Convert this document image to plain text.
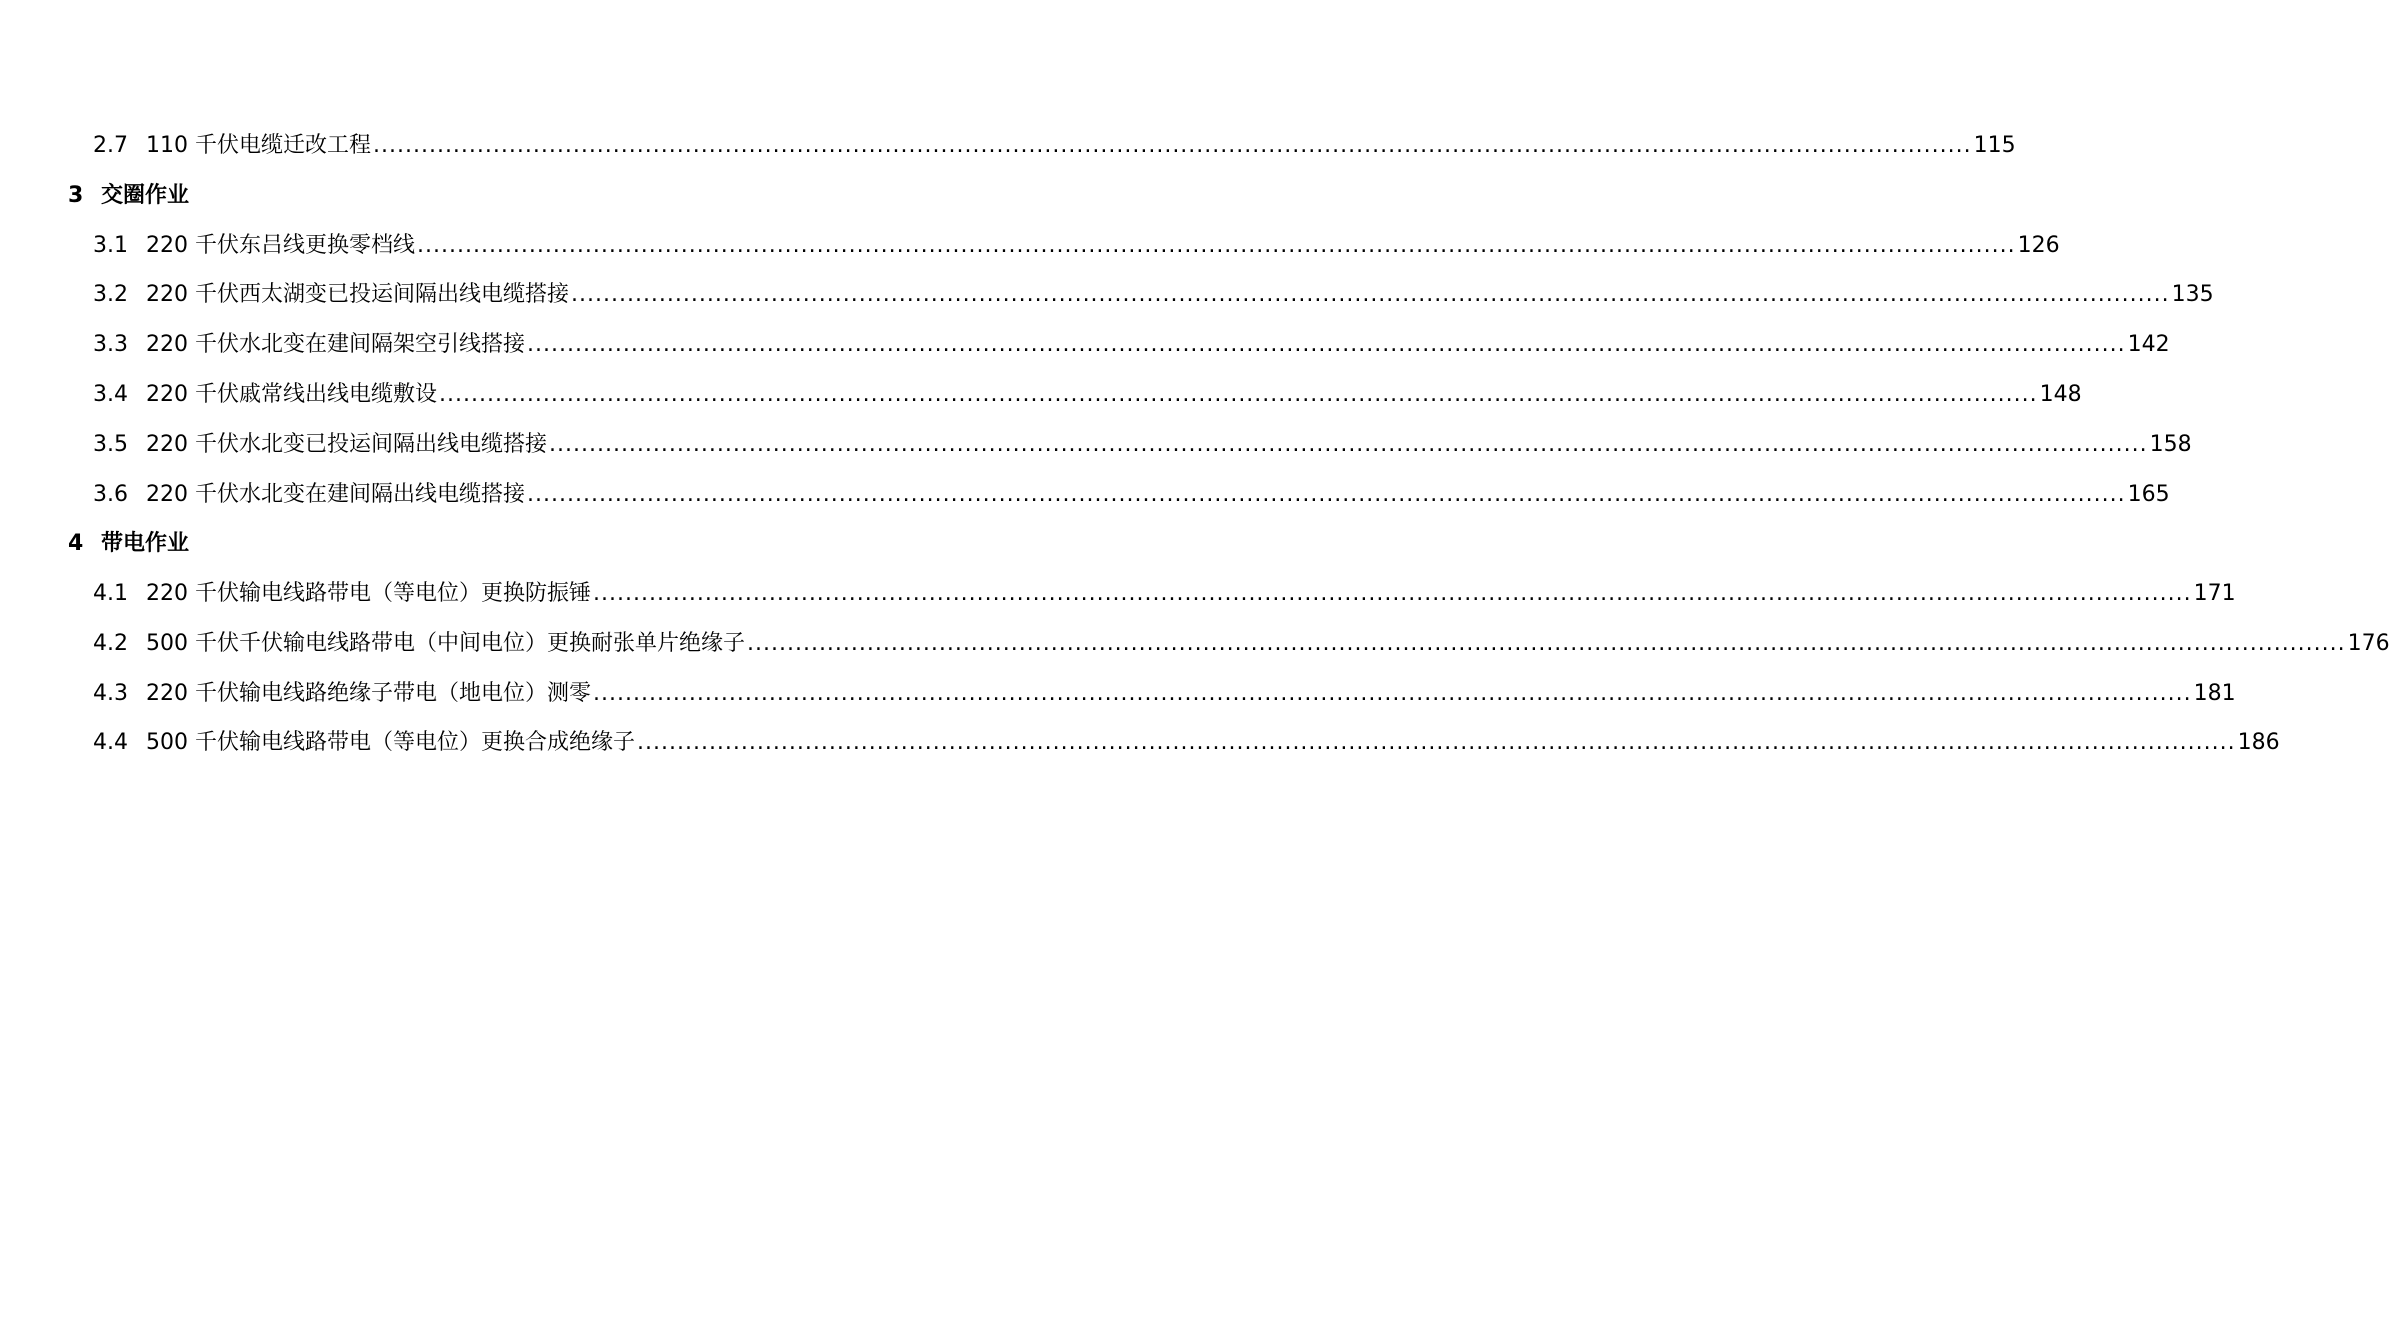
2.7 110 千伏电缆迁改工程 .....	115
3 交圈作业
3.1 220 千伏东吕线更换零档线 .....	126
3.2 220 千伏西太湖变已投运间隔出线电缆搭接 .....	135
3.3 220 千伏水北变在建间隔架空引线搭接 .....	142
3.4 220 千伏戚常线出线电缆敷设 .....	148
3.5 220 千伏水北变已投运间隔出线电缆搭接 .....	158
3.6 220 千伏水北变在建间隔出线电缆搭接 .....	165
4 带电作业
4.1 220 千伏输电线路带电（等电位）更换防振锤 .....	171
4.2 500 千伏千伏输电线路带电（中间电位）更换耐张单片绝缘子 .....	176
4.3 220 千伏输电线路绝缘子带电（地电位）测零 .....	181
4.4 500 千伏输电线路带电（等电位）更换合成绝缘子 .....	186
